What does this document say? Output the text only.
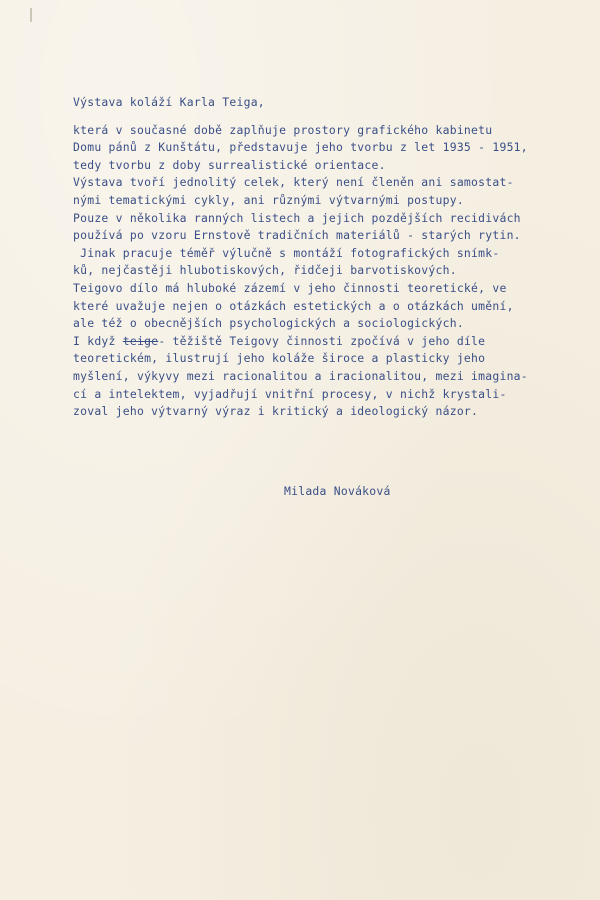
Výstava koláží Karla Teiga,
která v současné době zaplňuje prostory grafického kabinetu
Domu pánů z Kunštátu, představuje jeho tvorbu z let 1935 - 1951,
tedy tvorbu z doby surrealistické orientace.
Výstava tvoří jednolitý celek, který není členěn ani samostat-
nými tematickými cykly, ani různými výtvarnými postupy.
Pouze v několika ranných listech a jejich pozdějších recidivách
používá po vzoru Ernstově tradičních materiálů - starých rytin.
Jinak pracuje téměř výlučně s montáží fotografických snímk-
ků, nejčastěji hlubotiskových, řidčeji barvotiskových.
Teigovo dílo má hluboké zázemí v jeho činnosti teoretické, ve
které uvažuje nejen o otázkách estetických a o otázkách umění,
ale též o obecnějších psychologických a sociologických.
I když teige- těžiště Teigovy činnosti zpočívá v jeho díle
teoretickém, ilustrují jeho koláže široce a plasticky jeho
myšlení, výkyvy mezi racionalitou a iracionalitou, mezi imagina-
cí a intelektem, vyjadřují vnitřní procesy, v nichž krystali-
zoval jeho výtvarný výraz i kritický a ideologický názor.
Milada Nováková
